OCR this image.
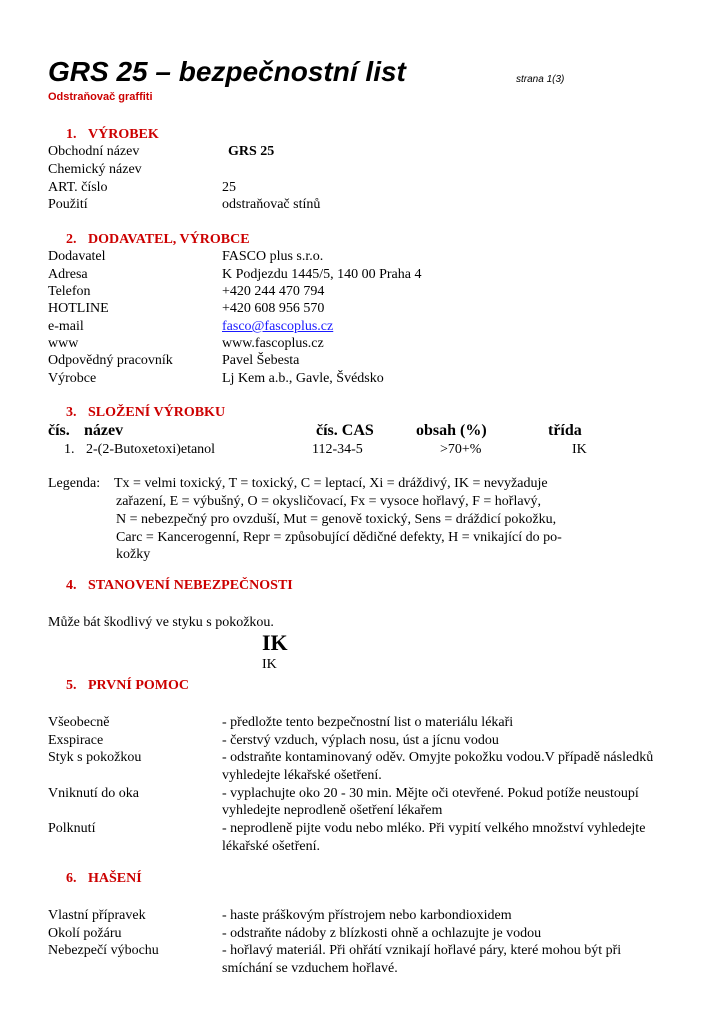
GRS 25 – bezpečnostní list	strana 1(3)
Odstraňovač graffiti
1. VÝROBEK
Obchodní název	GRS 25
Chemický název
ART. číslo	25
Použití	odstraňovač stínů
2. DODAVATEL, VÝROBCE
Dodavatel	FASCO plus s.r.o.
Adresa	K Podjezdu 1445/5, 140 00 Praha 4
Telefon	+420 244 470 794
HOTLINE	+420 608 956 570
e-mail	fasco@fascoplus.cz
www	www.fascoplus.cz
Odpovědný pracovník	Pavel Šebesta
Výrobce	Lj Kem a.b., Gavle, Švédsko
3. SLOŽENÍ VÝROBKU
čís. název	čís. CAS	obsah (%)	třída
1. 2-(2-Butoxetoxi)etanol	112-34-5	>70+%	IK
Legenda: Tx = velmi toxický, T = toxický, C = leptací, Xi = dráždivý, IK = nevyžaduje
zařazení, E = výbušný, O = okysličovací, Fx = vysoce hořlavý, F = hořlavý,
N = nebezpečný pro ovzduší, Mut = genově toxický, Sens = dráždicí pokožku,
Carc = Kancerogenní, Repr = způsobující dědičné defekty, H = vnikající do po-
kožky
4. STANOVENÍ NEBEZPEČNOSTI
Může bát škodlivý ve styku s pokožkou.
IK
IK
5. PRVNÍ POMOC
Všeobecně	- předložte tento bezpečnostní list o materiálu lékaři
Exspirace	- čerstvý vzduch, výplach nosu, úst a jícnu vodou
Styk s pokožkou	- odstraňte kontaminovaný oděv. Omyjte pokožku vodou.V případě následků
vyhledejte lékařské ošetření.
Vniknutí do oka	- vyplachujte oko 20 - 30 min. Mějte oči otevřené. Pokud potíže neustoupí
vyhledejte neprodleně ošetření lékařem
Polknutí	- neprodleně pijte vodu nebo mléko. Při vypití velkého množství vyhledejte
lékařské ošetření.
6. HAŠENÍ
Vlastní přípravek	- haste práškovým přístrojem nebo karbondioxidem
Okolí požáru	- odstraňte nádoby z blízkosti ohně a ochlazujte je vodou
Nebezpečí výbochu	- hořlavý materiál. Při ohřátí vznikají hořlavé páry, které mohou být při
smíchání se vzduchem hořlavé.
